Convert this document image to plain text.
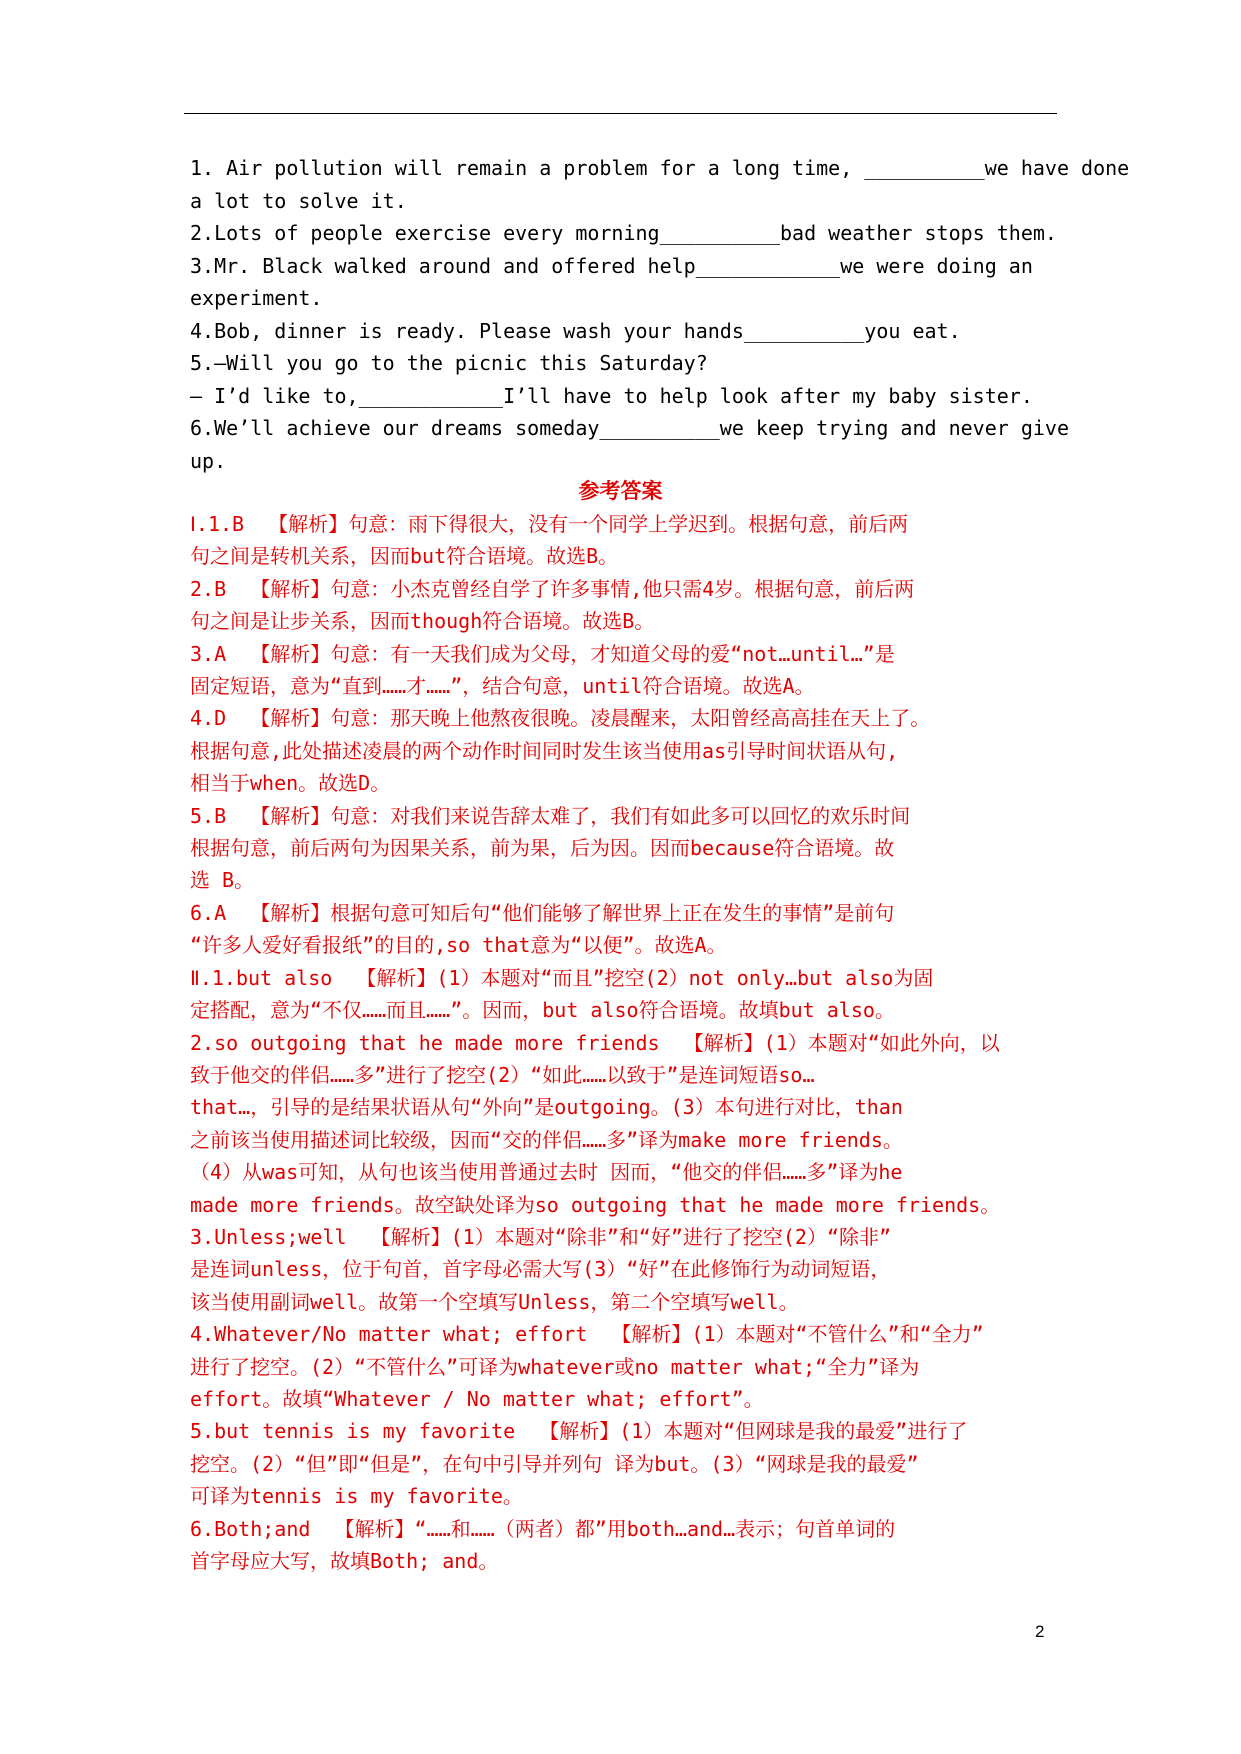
1. Air pollution will remain a problem for a long time, __________we have done
a lot to solve it.
2.Lots of people exercise every morning__________bad weather stops them.
3.Mr. Black walked around and offered help____________we were doing an
experiment.
4.Bob, dinner is ready. Please wash your hands__________you eat.
5.—Will you go to the picnic this Saturday?
— I’d like to,____________I’ll have to help look after my baby sister.
6.We’ll achieve our dreams someday__________we keep trying and never give
up.
参考答案
Ⅰ.1.B  【解析】句意：雨下得很大，没有一个同学上学迟到。根据句意，前后两
句之间是转机关系，因而but符合语境。故选B。
2.B  【解析】句意：小杰克曾经自学了许多事情,他只需4岁。根据句意，前后两
句之间是让步关系，因而though符合语境。故选B。
3.A  【解析】句意：有一天我们成为父母，才知道父母的爱“not…until…”是
固定短语，意为“直到……才……”，结合句意，until符合语境。故选A。
4.D  【解析】句意：那天晚上他熬夜很晚。凌晨醒来，太阳曾经高高挂在天上了。
根据句意,此处描述凌晨的两个动作时间同时发生该当使用as引导时间状语从句,
相当于when。故选D。
5.B  【解析】句意：对我们来说告辞太难了，我们有如此多可以回忆的欢乐时间
根据句意，前后两句为因果关系，前为果，后为因。因而because符合语境。故
选 B。
6.A  【解析】根据句意可知后句“他们能够了解世界上正在发生的事情”是前句
“许多人爱好看报纸”的目的,so that意为“以便”。故选A。
Ⅱ.1.but also  【解析】(1）本题对“而且”挖空(2）not only…but also为固
定搭配，意为“不仅……而且……”。因而，but also符合语境。故填but also。
2.so outgoing that he made more friends  【解析】(1）本题对“如此外向，以
致于他交的伴侣……多”进行了挖空(2）“如此……以致于”是连词短语so…
that…，引导的是结果状语从句“外向”是outgoing。(3）本句进行对比，than
之前该当使用描述词比较级，因而“交的伴侣……多”译为make more friends。
（4）从was可知，从句也该当使用普通过去时 因而，“他交的伴侣……多”译为he
made more friends。故空缺处译为so outgoing that he made more friends。
3.Unless;well  【解析】(1）本题对“除非”和“好”进行了挖空(2）“除非”
是连词unless，位于句首，首字母必需大写(3）“好”在此修饰行为动词短语，
该当使用副词well。故第一个空填写Unless，第二个空填写well。
4.Whatever/No matter what; effort  【解析】(1）本题对“不管什么”和“全力”
进行了挖空。(2）“不管什么”可译为whatever或no matter what;“全力”译为
effort。故填“Whatever / No matter what; effort”。
5.but tennis is my favorite  【解析】(1）本题对“但网球是我的最爱”进行了
挖空。(2）“但”即“但是”，在句中引导并列句 译为but。(3）“网球是我的最爱”
可译为tennis is my favorite。
6.Both;and  【解析】“……和……（两者）都”用both…and…表示；句首单词的
首字母应大写，故填Both; and。
2
